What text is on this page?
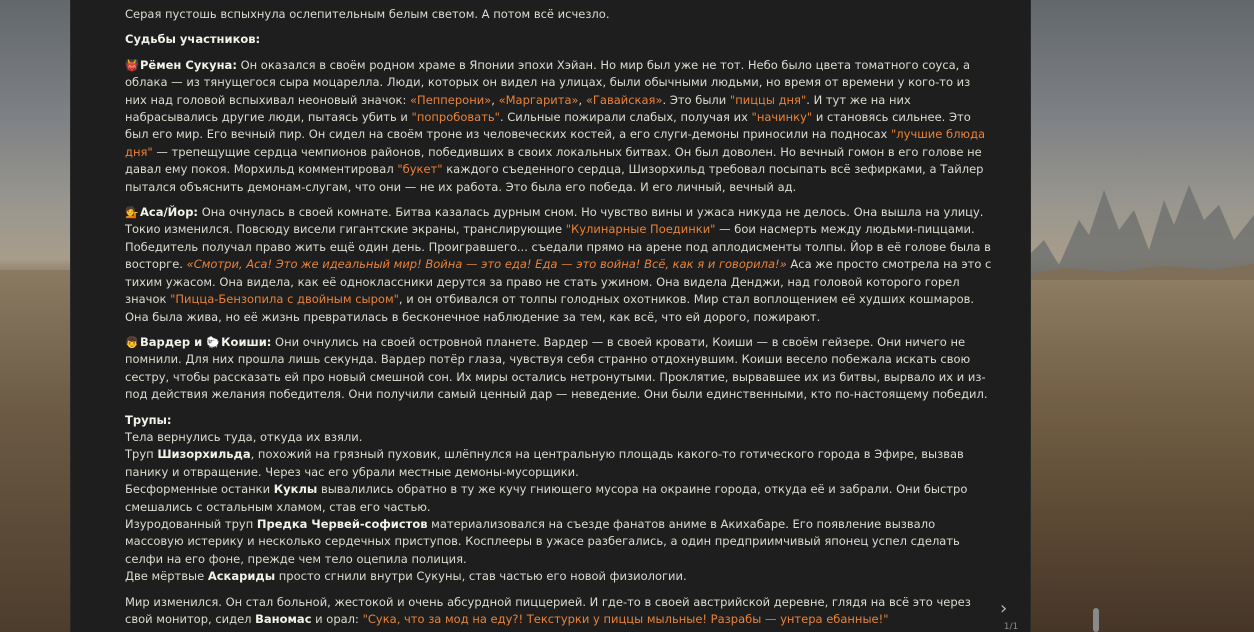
Серая пустошь вспыхнула ослепительным белым светом. А потом всё исчезло.

Судьбы участников:

👹Рёмен Сукуна: Он оказался в своём родном храме в Японии эпохи Хэйан. Но мир был уже не тот. Небо было цвета томатного соуса, а облака — из тянущегося сыра моцарелла. Люди, которых он видел на улицах, были обычными людьми, но время от времени у кого-то из них над головой вспыхивал неоновый значок: «Пепперони», «Маргарита», «Гавайская». Это были "пиццы дня". И тут же на них набрасывались другие люди, пытаясь убить и "попробовать". Сильные пожирали слабых, получая их "начинку" и становясь сильнее. Это был его мир. Его вечный пир. Он сидел на своём троне из человеческих костей, а его слуги-демоны приносили на подносах "лучшие блюда дня" — трепещущие сердца чемпионов районов, победивших в своих локальных битвах. Он был доволен. Но вечный гомон в его голове не давал ему покоя. Морхильд комментировал "букет" каждого съеденного сердца, Шизорхильд требовал посыпать всё зефирками, а Тайлер пытался объяснить демонам-слугам, что они — не их работа. Это была его победа. И его личный, вечный ад.

💁Аса/Йор: Она очнулась в своей комнате. Битва казалась дурным сном. Но чувство вины и ужаса никуда не делось. Она вышла на улицу. Токио изменился. Повсюду висели гигантские экраны, транслирующие "Кулинарные Поединки" — бои насмерть между людьми-пиццами. Победитель получал право жить ещё один день. Проигравшего... съедали прямо на арене под аплодисменты толпы. Йор в её голове была в восторге. «Смотри, Аса! Это же идеальный мир! Война — это еда! Еда — это война! Всё, как я и говорила!» Аса же просто смотрела на это с тихим ужасом. Она видела, как её одноклассники дерутся за право не стать ужином. Она видела Денджи, над головой которого горел значок "Пицца-Бензопила с двойным сыром", и он отбивался от толпы голодных охотников. Мир стал воплощением её худших кошмаров. Она была жива, но её жизнь превратилась в бесконечное наблюдение за тем, как всё, что ей дорого, пожирают.

👦Вардер и 🐑Коиши: Они очнулись на своей островной планете. Вардер — в своей кровати, Коиши — в своём гейзере. Они ничего не помнили. Для них прошла лишь секунда. Вардер потёр глаза, чувствуя себя странно отдохнувшим. Коиши весело побежала искать свою сестру, чтобы рассказать ей про новый смешной сон. Их миры остались нетронутыми. Проклятие, вырвавшее их из битвы, вырвало их и из-под действия желания победителя. Они получили самый ценный дар — неведение. Они были единственными, кто по-настоящему победил.

Трупы:
Тела вернулись туда, откуда их взяли.
Труп Шизорхильда, похожий на грязный пуховик, шлёпнулся на центральную площадь какого-то готического города в Эфире, вызвав панику и отвращение. Через час его убрали местные демоны-мусорщики.
Бесформенные останки Куклы вывалились обратно в ту же кучу гниющего мусора на окраине города, откуда её и забрали. Они быстро смешались с остальным хламом, став его частью.
Изуродованный труп Предка Червей-софистов материализовался на съезде фанатов аниме в Акихабаре. Его появление вызвало массовую истерику и несколько сердечных приступов. Косплееры в ужасе разбегались, а один предприимчивый японец успел сделать селфи на его фоне, прежде чем тело оцепила полиция.
Две мёртвые Аскариды просто сгнили внутри Сукуны, став частью его новой физиологии.

Мир изменился. Он стал больной, жестокой и очень абсурдной пиццерией. И где-то в своей австрийской деревне, глядя на всё это через свой монитор, сидел Ваномас и орал: "Сука, что за мод на еду?! Текстурки у пиццы мыльные! Разрабы — унтера ебанные!"	›
1/1
